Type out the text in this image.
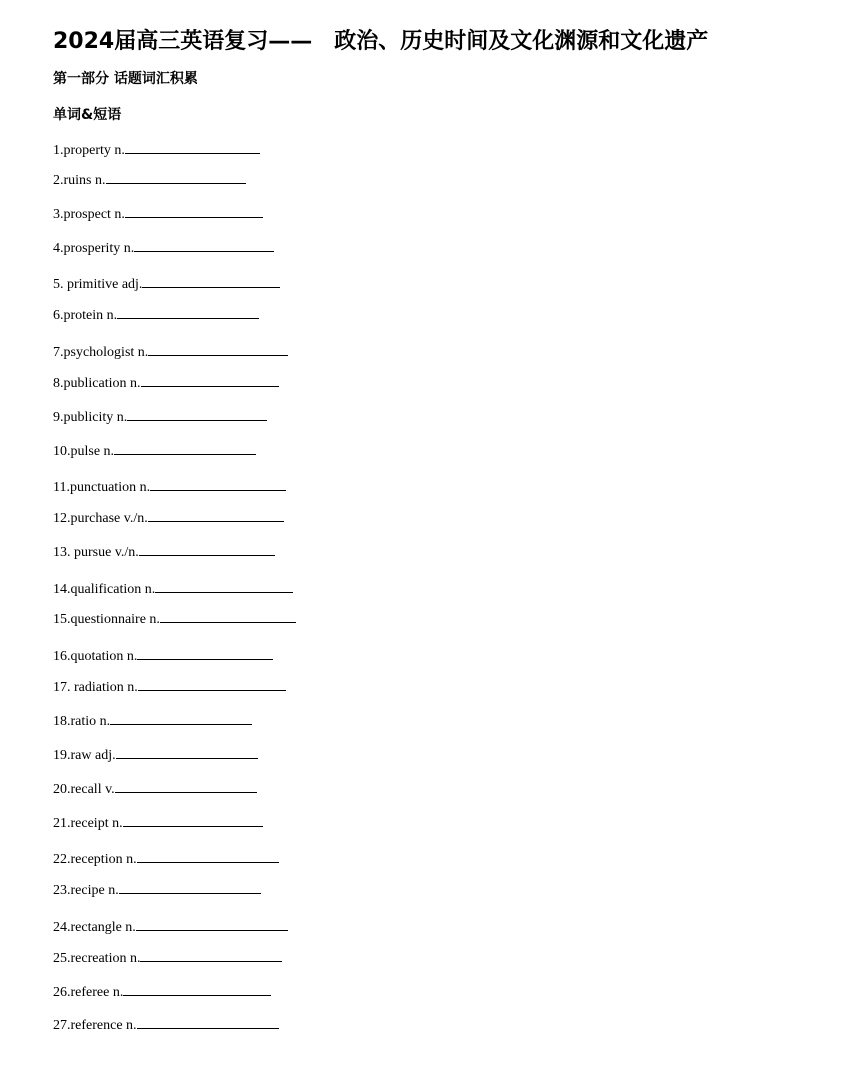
2024届高三英语复习——　政治、历史时间及文化渊源和文化遗产
第一部分 话题词汇积累
单词&短语
1.property n.
2.ruins n.
3.prospect n.
4.prosperity n.
5. primitive adj.
6.protein n.
7.psychologist n.
8.publication n.
9.publicity n.
10.pulse n.
11.punctuation n.
12.purchase v./n.
13. pursue v./n.
14.qualification n.
15.questionnaire n.
16.quotation n.
17. radiation n.
18.ratio n.
19.raw adj.
20.recall v.
21.receipt n.
22.reception n.
23.recipe n.
24.rectangle n.
25.recreation n.
26.referee n.
27.reference n.
